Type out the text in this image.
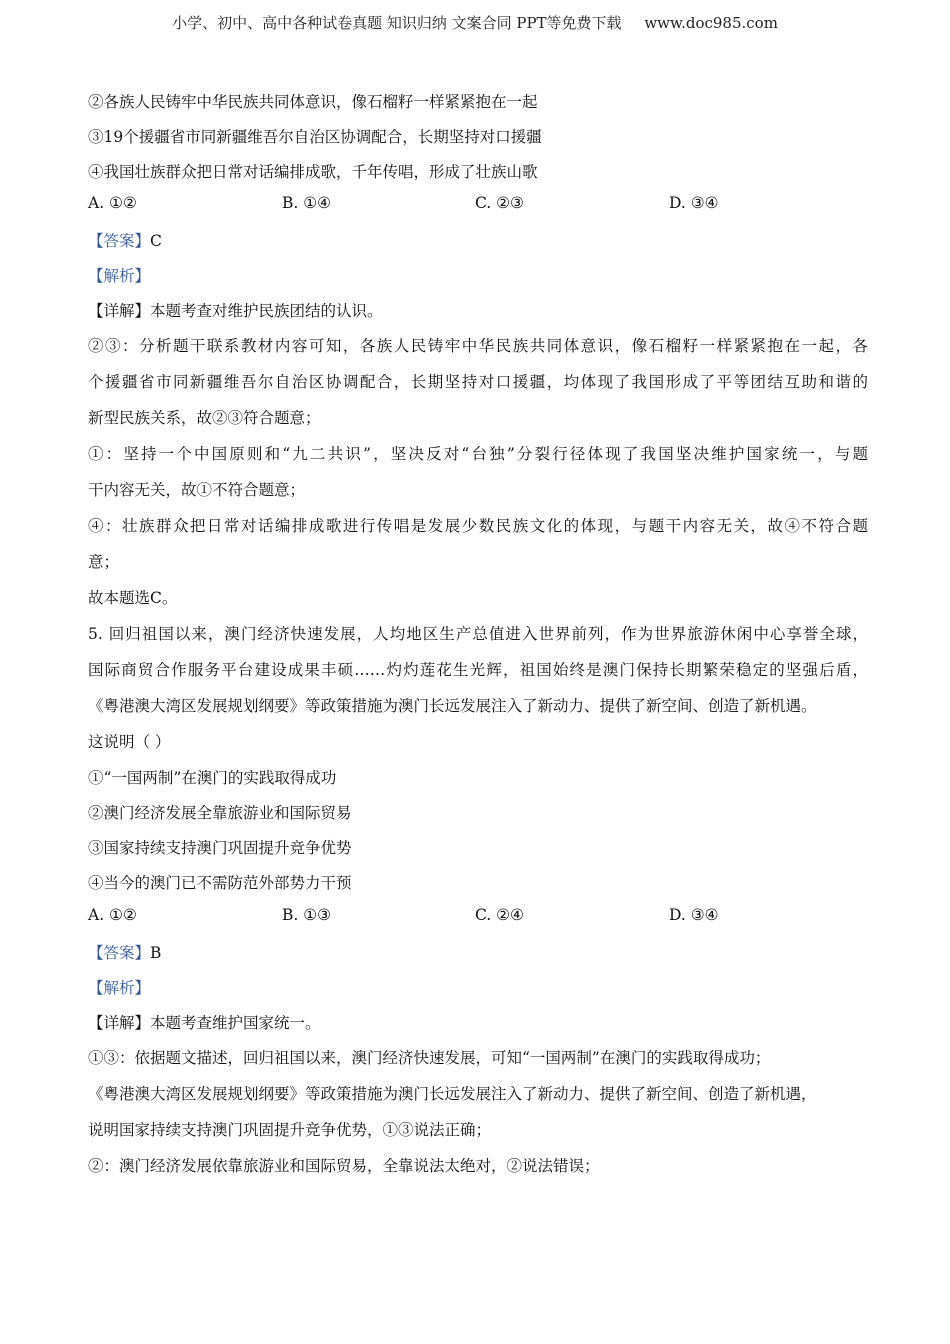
小学、初中、高中各种试卷真题 知识归纳 文案合同 PPT等免费下载 www.doc985.com
②各族人民铸牢中华民族共同体意识，像石榴籽一样紧紧抱在一起
③19个援疆省市同新疆维吾尔自治区协调配合，长期坚持对口援疆
④我国壮族群众把日常对话编排成歌，千年传唱，形成了壮族山歌
A. ①②	B. ①④	C. ②③	D. ③④
【答案】C
【解析】
【详解】本题考查对维护民族团结的认识。
②③：分析题干联系教材内容可知，各族人民铸牢中华民族共同体意识，像石榴籽一样紧紧抱在一起，各
个援疆省市同新疆维吾尔自治区协调配合，长期坚持对口援疆，均体现了我国形成了平等团结互助和谐的
新型民族关系，故②③符合题意；
①：坚持一个中国原则和“九二共识”，坚决反对“台独”分裂行径体现了我国坚决维护国家统一，与题
干内容无关，故①不符合题意；
④：壮族群众把日常对话编排成歌进行传唱是发展少数民族文化的体现，与题干内容无关，故④不符合题
意；
故本题选C。
5. 回归祖国以来，澳门经济快速发展，人均地区生产总值进入世界前列，作为世界旅游休闲中心享誉全球，
国际商贸合作服务平台建设成果丰硕……灼灼莲花生光辉，祖国始终是澳门保持长期繁荣稳定的坚强后盾，
《粤港澳大湾区发展规划纲要》等政策措施为澳门长远发展注入了新动力、提供了新空间、创造了新机遇。
这说明（ ）
①“一国两制”在澳门的实践取得成功
②澳门经济发展全靠旅游业和国际贸易
③国家持续支持澳门巩固提升竞争优势
④当今的澳门已不需防范外部势力干预
A. ①②	B. ①③	C. ②④	D. ③④
【答案】B
【解析】
【详解】本题考查维护国家统一。
①③：依据题文描述，回归祖国以来，澳门经济快速发展，可知“一国两制”在澳门的实践取得成功；
《粤港澳大湾区发展规划纲要》等政策措施为澳门长远发展注入了新动力、提供了新空间、创造了新机遇，
说明国家持续支持澳门巩固提升竞争优势，①③说法正确；
②：澳门经济发展依靠旅游业和国际贸易，全靠说法太绝对，②说法错误；
